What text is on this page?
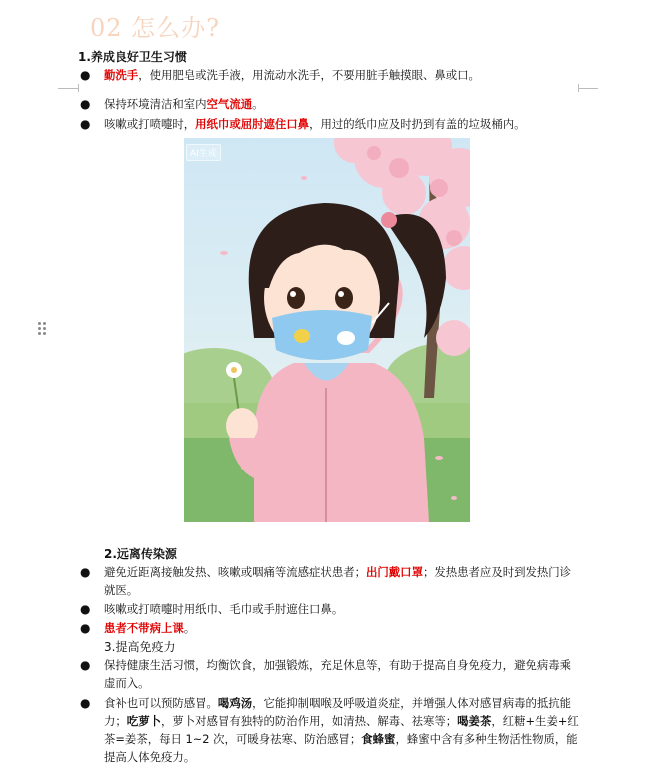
02 怎么办?
1.养成良好卫生习惯
●	勤洗手，使用肥皂或洗手液，用流动水洗手，不要用脏手触摸眼、鼻或口。
●	保持环境清洁和室内空气流通。
●	咳嗽或打喷嚏时，用纸巾或屈肘遮住口鼻，用过的纸巾应及时扔到有盖的垃圾桶内。
AI生成
2.远离传染源
●	避免近距离接触发热、咳嗽或咽痛等流感症状患者；出门戴口罩；发热患者应及时到发热门诊就医。
●	咳嗽或打喷嚏时用纸巾、毛巾或手肘遮住口鼻。
●	患者不带病上课。
3.提高免疫力
●	保持健康生活习惯，均衡饮食，加强锻炼，充足休息等，有助于提高自身免疫力，避免病毒乘虚而入。
●	食补也可以预防感冒。喝鸡汤，它能抑制咽喉及呼吸道炎症，并增强人体对感冒病毒的抵抗能力；吃萝卜，萝卜对感冒有独特的防治作用，如清热、解毒、祛寒等；喝姜茶，红糖+生姜+红茶=姜茶，每日 1~2 次，可暖身祛寒、防治感冒；食蜂蜜，蜂蜜中含有多种生物活性物质，能提高人体免疫力。
